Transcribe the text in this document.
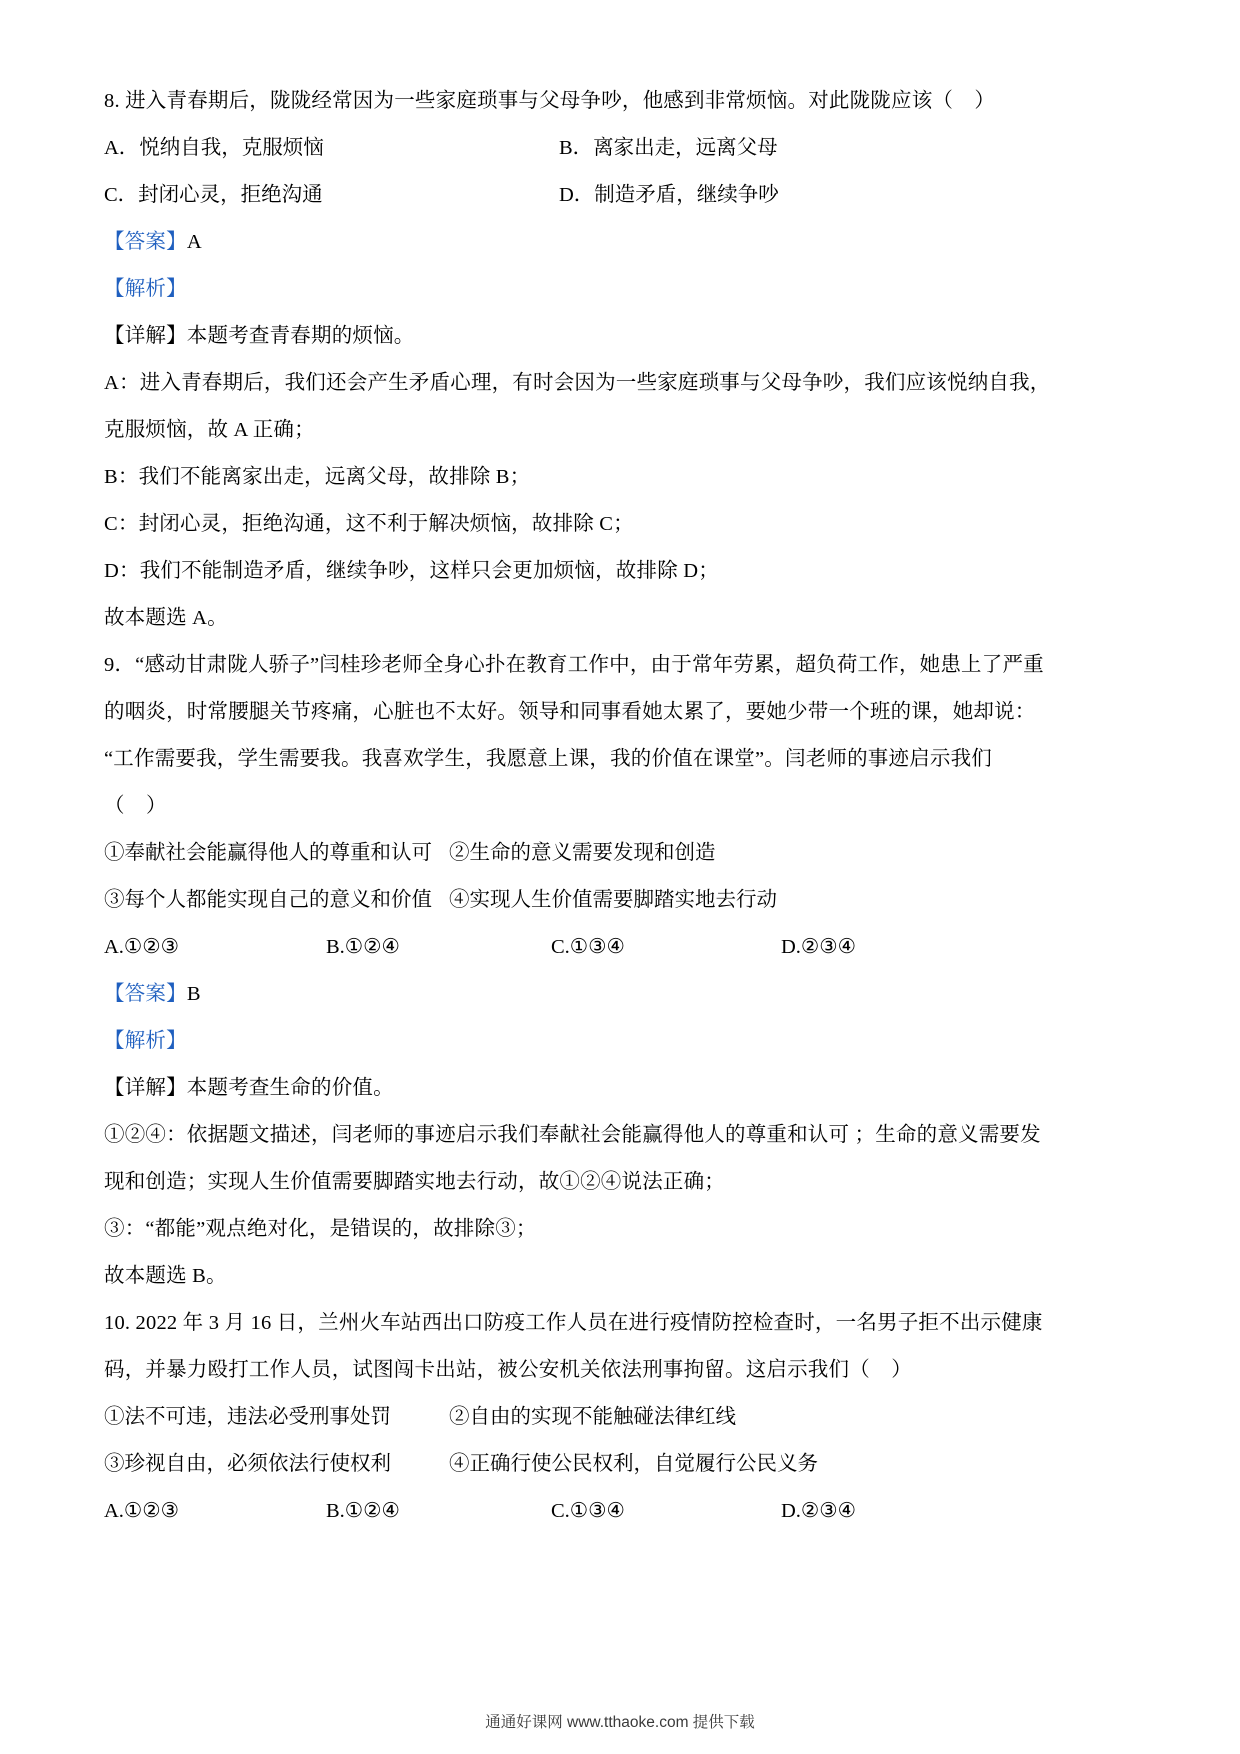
8. 进入青春期后，陇陇经常因为一些家庭琐事与父母争吵，他感到非常烦恼。对此陇陇应该（    ）
A．悦纳自我，克服烦恼	B．离家出走，远离父母
C．封闭心灵，拒绝沟通	D．制造矛盾，继续争吵
【答案】A
【解析】
【详解】本题考查青春期的烦恼。
A：进入青春期后，我们还会产生矛盾心理，有时会因为一些家庭琐事与父母争吵，我们应该悦纳自我，
克服烦恼，故 A 正确；
B：我们不能离家出走，远离父母，故排除 B；
C：封闭心灵，拒绝沟通，这不利于解决烦恼，故排除 C；
D：我们不能制造矛盾，继续争吵，这样只会更加烦恼，故排除 D；
故本题选 A。
9．“感动甘肃陇人骄子”闫桂珍老师全身心扑在教育工作中，由于常年劳累，超负荷工作，她患上了严重
的咽炎，时常腰腿关节疼痛，心脏也不太好。领导和同事看她太累了，要她少带一个班的课，她却说：
“工作需要我，学生需要我。我喜欢学生，我愿意上课，我的价值在课堂”。闫老师的事迹启示我们
（    ）
①奉献社会能赢得他人的尊重和认可 ②生命的意义需要发现和创造
③每个人都能实现自己的意义和价值 ④实现人生价值需要脚踏实地去行动
A.①②③	B.①②④	C.①③④	D.②③④
【答案】B
【解析】
【详解】本题考查生命的价值。
①②④：依据题文描述，闫老师的事迹启示我们奉献社会能赢得他人的尊重和认可 ；生命的意义需要发
现和创造；实现人生价值需要脚踏实地去行动，故①②④说法正确；
③：“都能”观点绝对化，是错误的，故排除③；
故本题选 B。
10. 2022 年 3 月 16 日，兰州火车站西出口防疫工作人员在进行疫情防控检查时，一名男子拒不出示健康
码，并暴力殴打工作人员，试图闯卡出站，被公安机关依法刑事拘留。这启示我们（    ）
①法不可违，违法必受刑事处罚	②自由的实现不能触碰法律红线
③珍视自由，必须依法行使权利	④正确行使公民权利，自觉履行公民义务
A.①②③	B.①②④	C.①③④	D.②③④
通通好课网 www.tthaoke.com 提供下载
